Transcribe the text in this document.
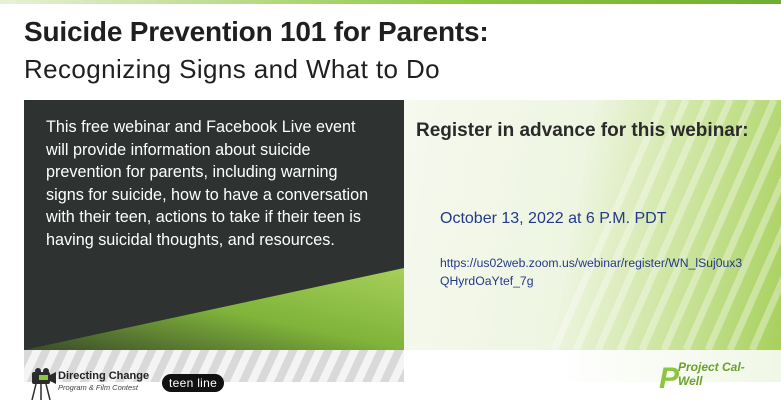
Suicide Prevention 101 for Parents:
Recognizing Signs and What to Do

This free webinar and Facebook Live event will provide information about suicide prevention for parents, including warning signs for suicide, how to have a conversation with their teen, actions to take if their teen is having suicidal thoughts, and resources.

Register in advance for this webinar:

October 13, 2022 at 6 P.M. PDT

https://us02web.zoom.us/webinar/register/WN_lSuj0ux3QHyrdOaYtef_7g
Directing Change
Program & Film Contest	teen line	P
Project Cal-Well
